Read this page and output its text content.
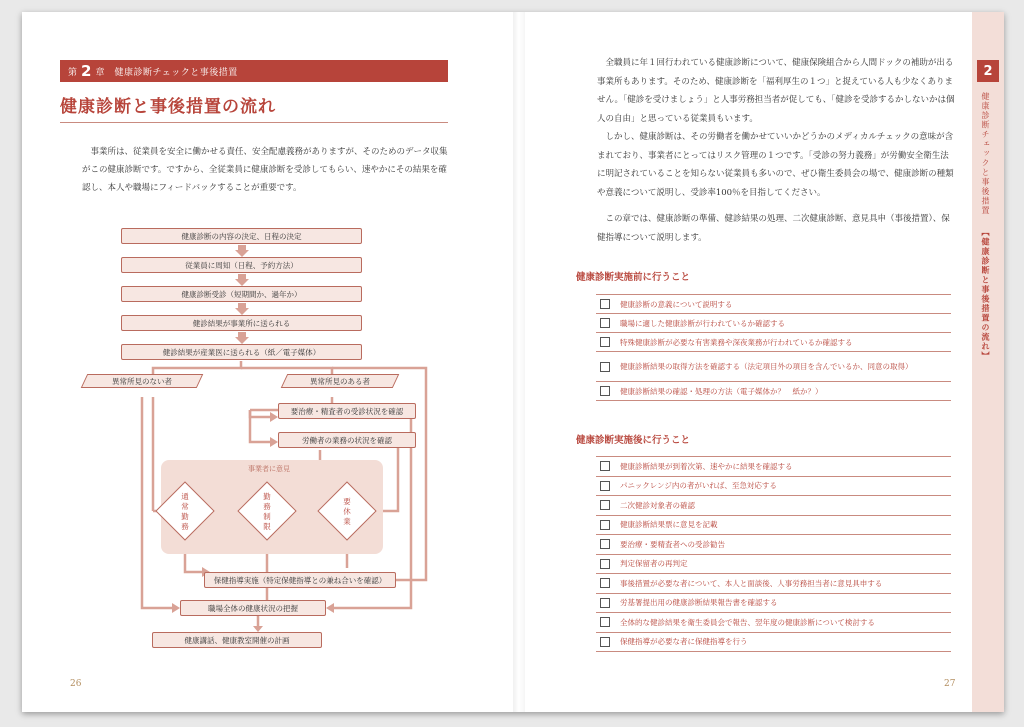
第 2 章 健康診断チェックと事後措置
健康診断と事後措置の流れ
事業所は、従業員を安全に働かせる責任、安全配慮義務がありますが、そのためのデータ収集がこの健康診断です。ですから、全従業員に健康診断を受診してもらい、速やかにその結果を確認し、本人や職場にフィードバックすることが重要です。
健康診断の内容の決定、日程の決定
従業員に周知（日程、予約方法）
健康診断受診（短期間か、過年か）
健診結果が事業所に送られる
健診結果が産業医に送られる（紙／電子媒体）
異常所見のない者	異常所見のある者
要治療・精査者の受診状況を確認
労働者の業務の状況を確認
事業者に意見
通常勤務
勤務制限
要休業
保健指導実施（特定保健指導との兼ね合いを確認）
職場全体の健康状況の把握
健康講話、健康教室開催の計画
26

全職員に年１回行われている健康診断について、健康保険組合から人間ドックの補助が出る事業所もあります。そのため、健康診断を「福利厚生の１つ」と捉えている人も少なくありません。「健診を受けましょう」と人事労務担当者が促しても、「健診を受診するかしないかは個人の自由」と思っている従業員もいます。

しかし、健康診断は、その労働者を働かせていいかどうかのメディカルチェックの意味が含まれており、事業者にとってはリスク管理の１つです。「受診の努力義務」が労働安全衛生法に明記されていることを知らない従業員も多いので、ぜひ衛生委員会の場で、健康診断の種類や意義について説明し、受診率100％を目指してください。

この章では、健康診断の準備、健診結果の処理、二次健康診断、意見具申（事後措置）、保健指導について説明します。

健康診断実施前に行うこと
健康診断の意義について説明する
職場に適した健康診断が行われているか確認する
特殊健康診断が必要な有害業務や深夜業務が行われているか確認する
健康診断結果の取得方法を確認する（法定項目外の項目を含んでいるか、同意の取得）
健康診断結果の確認・処理の方法（電子媒体か？　紙か？）
健康診断実施後に行うこと
健康診断結果が到着次第、速やかに結果を確認する
パニックレンジ内の者がいれば、至急対応する
二次健診対象者の確認
健康診断結果票に意見を記載
要治療・要精査者への受診勧告
判定保留者の再判定
事後措置が必要な者について、本人と面談後、人事労務担当者に意見具申する
労基署提出用の健康診断結果報告書を確認する
全体的な健診結果を衛生委員会で報告、翌年度の健康診断について検討する
保健指導が必要な者に保健指導を行う
27
2
健康診断チェックと事後措置
【健康診断と事後措置の流れ】
